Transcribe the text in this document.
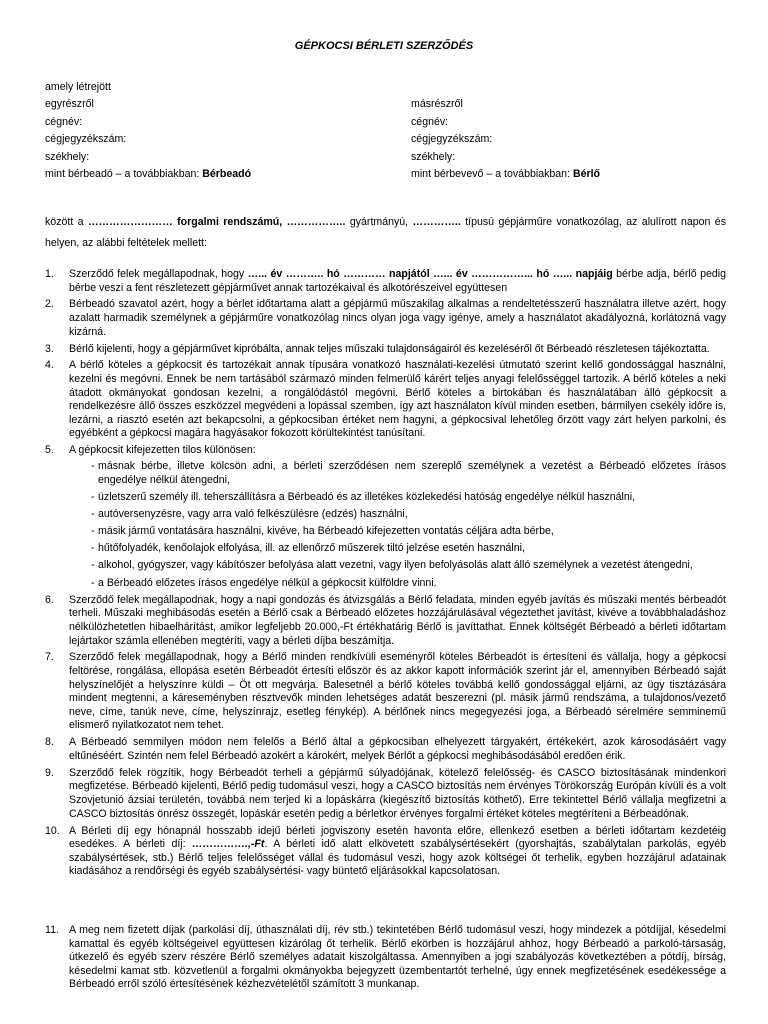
GÉPKOCSI BÉRLETI SZERZŐDÉS
amely létrejött
egyrészről	másrészről
cégnév:	cégnév:
cégjegyzékszám:	cégjegyzékszám:
székhely:	székhely:
mint bérbeadó – a továbbiakban: Bérbeadó	mint bérbevevő – a továbbiakban: Bérlő

között a …………………… forgalmi rendszámú, …………….. gyártmányú, ………….. típusú gépjárműre vonatkozólag, az alulírott napon és helyen, az alábbi feltételek mellett:

1. Szerződő felek megállapodnak, hogy …... év ……….. hó ………… napjától …... év ……………... hó …... napjáig bérbe adja, bérlő pedig bérbe veszi a fent részletezett gépjárművet annak tartozékaival és alkotórészeivel együttesen
2. Bérbeadó szavatol azért, hogy a bérlet időtartama alatt a gépjármű műszakilag alkalmas a rendeltetésszerű használatra illetve azért, hogy azalatt harmadik személynek a gépjárműre vonatkozólag nincs olyan joga vagy igénye, amely a használatot akadályozná, korlátozná vagy kizárná.
3. Bérlő kijelenti, hogy a gépjárművet kipróbálta, annak teljes műszaki tulajdonságairól és kezeléséről őt Bérbeadó részletesen tájékoztatta.
4. A bérlő köteles a gépkocsit és tartozékait annak típusára vonatkozó használati-kezelési útmutató szerint kellő gondossággal használni, kezelni és megóvni. Ennek be nem tartásából származó minden felmerülő kárért teljes anyagi felelősséggel tartozik. A bérlő köteles a neki átadott okmányokat gondosan kezelni, a rongálódástól megóvni. Bérlő köteles a birtokában és használatában álló gépkocsit a rendelkezésre állő összes eszközzel megvédeni a lopással szemben, így azt használaton kívül minden esetben, bármilyen csekély időre is, lezárni, a riasztó esetén azt bekapcsolni, a gépkocsiban értéket nem hagyni, a gépkocsival lehetőleg őrzött vagy zárt helyen parkolni, és egyébként a gépkocsi magára hagyásakor fokozott körültekintést tanúsítani.
5. A gépkocsit kifejezetten tilos különösen:
- másnak bérbe, illetve kölcsön adni, a bérleti szerződésen nem szereplő személynek a vezetést a Bérbeadó előzetes írásos engedélye nélkül átengedni,
- üzletszerű személy ill. teherszállításra a Bérbeadó és az illetékes közlekedési hatóság engedélye nélkül használni,
- autóversenyzésre, vagy arra való felkészülésre (edzés) használni,
- másik jármű vontatására használni, kivéve, ha Bérbeadó kifejezetten vontatás céljára adta bérbe,
- hűtőfolyadék, kenőolajok elfolyása, ill. az ellenőrző műszerek tiltó jelzése esetén használni,
- alkohol, gyógyszer, vagy kábítószer befolyása alatt vezetni, vagy ilyen befolyásolás alatt álló személynek a vezetést átengedni,
- a Bérbeadó előzetes írásos engedélye nélkül a gépkocsit külföldre vinni.
6. Szerződő felek megállapodnak, hogy a napi gondozás és átvizsgálás a Bérlő feladata, minden egyéb javítás és műszaki mentés bérbeadót terheli. Műszaki meghibásodás esetén a Bérlő csak a Bérbeadó előzetes hozzájárulásával végeztethet javítást, kivéve a továbbhaladáshoz nélkülözhetetlen hibaelhárítást, amikor legfeljebb 20.000,-Ft értékhatárig Bérlő is javíttathat. Ennek költségét Bérbeadó a bérleti időtartam lejártakor számla ellenében megtéríti, vagy a bérleti díjba beszámítja.
7. Szerződő felek megállapodnak, hogy a Bérlő minden rendkívüli eseményről köteles Bérbeadót is értesíteni és vállalja, hogy a gépkocsi feltörése, rongálása, ellopása esetén Bérbeadót értesíti először és az akkor kapott információk szerint jár el, amennyiben Bérbeadó saját helyszínelőjét a helyszínre küldi – Öt ott megvárja. Balesetnél a bérlő köteles továbbá kellő gondossággal eljárni, az ügy tisztázására mindent megtenni, a káreseményben résztvevők minden lehetséges adatát beszerezni (pl. másik jármű rendszáma, a tulajdonos/vezető neve, címe, tanúk neve, címe, helyszínrajz, esetleg fénykép). A bérlőnek nincs megegyezési joga, a Bérbeadó sérelmére semminemű elismerő nyilatkozatot nem tehet.
8. A Bérbeadó semmilyen módon nem felelős a Bérlő által a gépkocsiban elhelyezett tárgyakért, értékekért, azok károsodásáért vagy eltűnéséért. Szintén nem felel Bérbeadó azokért a károkért, melyek Bérlőt a gépkocsi meghibásodásából eredően érik.
9. Szerződő felek rögzítik, hogy Bérbeadót terheli a gépjármű súlyadójának, kötelező felelősség- és CASCO biztosításának mindenkori megfizetése. Bérbeadó kijelenti, Bérlő pedig tudomásul veszi, hogy a CASCO biztosítás nem érvényes Törökország Európán kívüli és a volt Szovjetunió ázsiai területén, továbbá nem terjed ki a lopáskárra (kiegészítő biztosítás köthető). Erre tekintettel Bérlő vállalja megfizetni a CASCO biztosítás önrész összegét, lopáskár esetén pedig a bérletkor érvényes forgalmi értéket köteles megtéríteni a Bérbeadónak.
10. A Bérleti díj egy hónapnál hosszabb idejű bérleti jogviszony esetén havonta előre, ellenkező esetben a bérleti időtartam kezdetéig esedékes. A bérleti díj: …………….,-Ft. A bérleti idő alatt elkövetett szabálysértésekért (gyorshajtás, szabálytalan parkolás, egyéb szabálysértések, stb.) Bérlő teljes felelősséget vállal és tudomásul veszi, hogy azok költségei őt terhelik, egyben hozzájárul adatainak kiadásához a rendőrségi és egyéb szabálysértési- vagy büntető eljárásokkal kapcsolatosan.
11. A meg nem fizetett díjak (parkolási díj, úthasználati díj, rév stb.) tekintetében Bérlő tudomásul veszi, hogy mindezek a pótdíjjal, késedelmi kamattal és egyéb költségeivel együttesen kizárólag őt terhelik. Bérlő ekörben is hozzájárul ahhoz, hogy Bérbeadó a parkoló-társaság, útkezelő és egyéb szerv részére Bérlő személyes adatait kiszolgáltassa. Amennyiben a jogi szabályozás következtében a pótdíj, bírság, késedelmi kamat stb. közvetlenül a forgalmi okmányokba bejegyzett üzembentartót terhelné, úgy ennek megfizetésének esedékessége a Bérbeadó erről szóló értesítésének kézhezvételétől számított 3 munkanap.
